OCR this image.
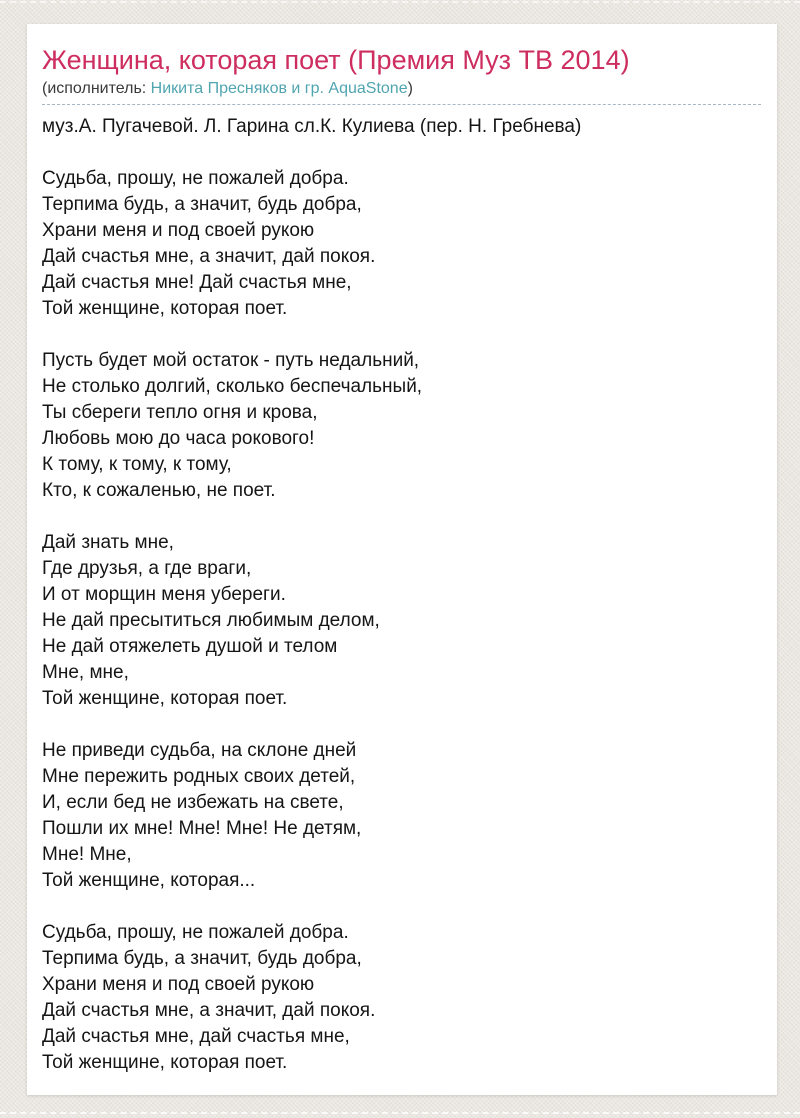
Женщина, которая поет (Премия Муз ТВ 2014)
(исполнитель: Никита Пресняков и гр. AquaStone)

муз.А. Пугачевой. Л. Гарина сл.К. Кулиева (пер. Н. Гребнева)

Судьба, прошу, не пожалей добра.
Терпима будь, а значит, будь добра,
Храни меня и под своей рукою
Дай счастья мне, а значит, дай покоя.
Дай счастья мне! Дай счастья мне,
Той женщине, которая поет.
Пусть будет мой остаток - путь недальний,
Не столько долгий, сколько беспечальный,
Ты сбереги тепло огня и крова,
Любовь мою до часа рокового!
К тому, к тому, к тому,
Кто, к сожаленью, не поет.
Дай знать мне,
Где друзья, а где враги,
И от морщин меня убереги.
Не дай пресытиться любимым делом,
Не дай отяжелеть душой и телом
Мне, мне,
Той женщине, которая поет.
Не приведи судьба, на склоне дней
Мне пережить родных своих детей,
И, если бед не избежать на свете,
Пошли их мне! Мне! Мне! Не детям,
Мне! Мне,
Той женщине, которая...
Судьба, прошу, не пожалей добра.
Терпима будь, а значит, будь добра,
Храни меня и под своей рукою
Дай счастья мне, а значит, дай покоя.
Дай счастья мне, дай счастья мне,
Той женщине, которая поет.
